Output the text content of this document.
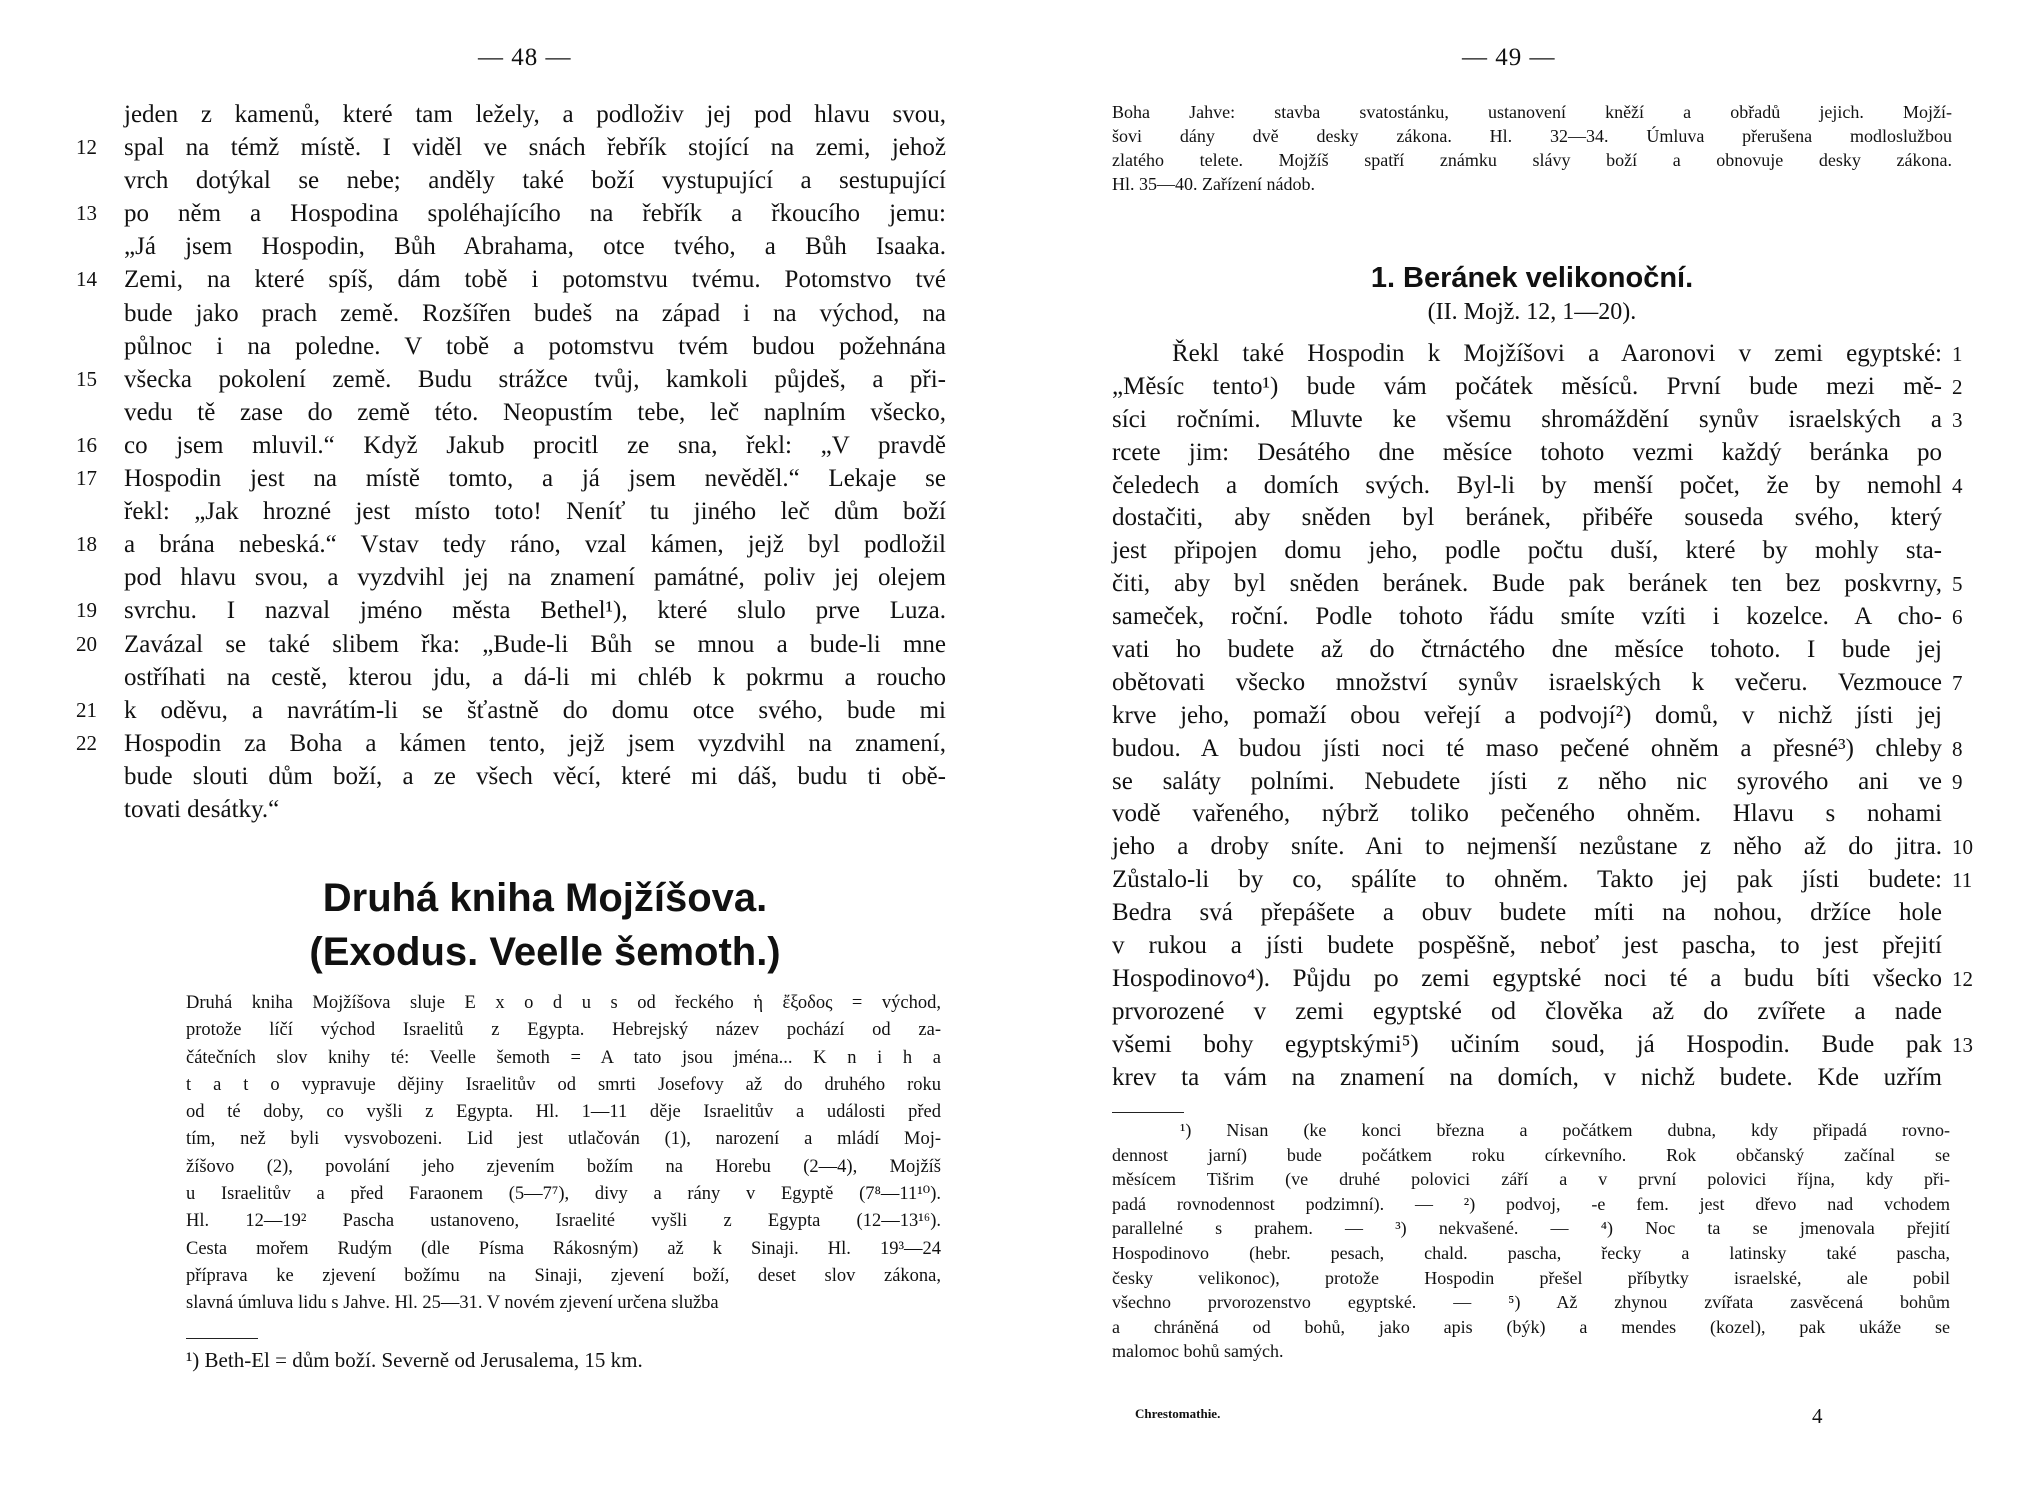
— 48 —
jeden z kamenů, které tam ležely, a podloživ jej pod hlavu svou,
12	spal na témž místě. I viděl ve snách řebřík stojící na zemi, jehož
vrch dotýkal se nebe; anděly také boží vystupující a sestupující
13	po něm a Hospodina spoléhajícího na řebřík a řkoucího jemu:
„Já jsem Hospodin, Bůh Abrahama, otce tvého, a Bůh Isaaka.
14	Zemi, na které spíš, dám tobě i potomstvu tvému. Potomstvo tvé
bude jako prach země. Rozšířen budeš na západ i na východ, na
půlnoc i na poledne. V tobě a potomstvu tvém budou požehnána
15	všecka pokolení země. Budu strážce tvůj, kamkoli půjdeš, a při-
vedu tě zase do země této. Neopustím tebe, leč naplním všecko,
16	co jsem mluvil.“ Když Jakub procitl ze sna, řekl: „V pravdě
17	Hospodin jest na místě tomto, a já jsem nevěděl.“ Lekaje se
řekl: „Jak hrozné jest místo toto! Neníť tu jiného leč dům boží
18	a brána nebeská.“ Vstav tedy ráno, vzal kámen, jejž byl podložil
pod hlavu svou, a vyzdvihl jej na znamení památné, poliv jej olejem
19	svrchu. I nazval jméno města Bethel¹), které slulo prve Luza.
20	Zavázal se také slibem řka: „Bude-li Bůh se mnou a bude-li mne
ostříhati na cestě, kterou jdu, a dá-li mi chléb k pokrmu a roucho
21	k oděvu, a navrátím-li se šťastně do domu otce svého, bude mi
22	Hospodin za Boha a kámen tento, jejž jsem vyzdvihl na znamení,
bude slouti dům boží, a ze všech věcí, které mi dáš, budu ti obě-
tovati desátky.“
Druhá kniha Mojžíšova.
(Exodus. Veelle šemoth.)
Druhá kniha Mojžíšova sluje E x o d u s od řeckého ἡ ἔξοδος = východ,
protože líčí východ Israelitů z Egypta. Hebrejský název pochází od za-
čátečních slov knihy té: Veelle šemoth = A tato jsou jména... K n i h a
t a t o vypravuje dějiny Israelitův od smrti Josefovy až do druhého roku
od té doby, co vyšli z Egypta. Hl. 1—11 děje Israelitův a události před
tím, než byli vysvobozeni. Lid jest utlačován (1), narození a mládí Moj-
žíšovo (2), povolání jeho zjevením božím na Horebu (2—4), Mojžíš
u Israelitův a před Faraonem (5—7⁷), divy a rány v Egyptě (7⁸—11¹⁰).
Hl. 12—19² Pascha ustanoveno, Israelité vyšli z Egypta (12—13¹⁶).
Cesta mořem Rudým (dle Písma Rákosným) až k Sinaji. Hl. 19³—24
příprava ke zjevení božímu na Sinaji, zjevení boží, deset slov zákona,
slavná úmluva lidu s Jahve. Hl. 25—31. V novém zjevení určena služba
¹) Beth-El = dům boží. Severně od Jerusalema, 15 km.
— 49 —
Boha Jahve: stavba svatostánku, ustanovení kněží a obřadů jejich. Mojží-
šovi dány dvě desky zákona. Hl. 32—34. Úmluva přerušena modloslužbou
zlatého telete. Mojžíš spatří známku slávy boží a obnovuje desky zákona.
Hl. 35—40. Zařízení nádob.
1. Beránek velikonoční.
(II. Mojž. 12, 1—20).
Řekl také Hospodin k Mojžíšovi a Aaronovi v zemi egyptské: 1
„Měsíc tento¹) bude vám počátek měsíců. První bude mezi mě- 2
síci ročními. Mluvte ke všemu shromáždění synův israelských a 3
rcete jim: Desátého dne měsíce tohoto vezmi každý beránka po
čeledech a domích svých. Byl-li by menší počet, že by nemohl 4
dostačiti, aby sněden byl beránek, přibéře souseda svého, který
jest připojen domu jeho, podle počtu duší, které by mohly sta-
čiti, aby byl sněden beránek. Bude pak beránek ten bez poskvrny, 5
sameček, roční. Podle tohoto řádu smíte vzíti i kozelce. A cho- 6
vati ho budete až do čtrnáctého dne měsíce tohoto. I bude jej
obětovati všecko množství synův israelských k večeru. Vezmouce 7
krve jeho, pomaží obou veřejí a podvojí²) domů, v nichž jísti jej
budou. A budou jísti noci té maso pečené ohněm a přesné³) chleby 8
se saláty polními. Nebudete jísti z něho nic syrového ani ve 9
vodě vařeného, nýbrž toliko pečeného ohněm. Hlavu s nohami
jeho a droby sníte. Ani to nejmenší nezůstane z něho až do jitra. 10
Zůstalo-li by co, spálíte to ohněm. Takto jej pak jísti budete: 11
Bedra svá přepášete a obuv budete míti na nohou, držíce hole
v rukou a jísti budete pospěšně, neboť jest pascha, to jest přejití
Hospodinovo⁴). Půjdu po zemi egyptské noci té a budu bíti všecko 12
prvorozené v zemi egyptské od člověka až do zvířete a nade
všemi bohy egyptskými⁵) učiním soud, já Hospodin. Bude pak 13
krev ta vám na znamení na domích, v nichž budete. Kde uzřím
¹) Nisan (ke konci března a počátkem dubna, kdy připadá rovno-
dennost jarní) bude počátkem roku církevního. Rok občanský začínal se
měsícem Tišrim (ve druhé polovici září a v první polovici října, kdy při-
padá rovnodennost podzimní). — ²) podvoj, -e fem. jest dřevo nad vchodem
parallelné s prahem. — ³) nekvašené. — ⁴) Noc ta se jmenovala přejití
Hospodinovo (hebr. pesach, chald. pascha, řecky a latinsky také pascha,
česky velikonoc), protože Hospodin přešel příbytky israelské, ale pobil
všechno prvorozenstvo egyptské. — ⁵) Až zhynou zvířata zasvěcená bohům
a chráněná od bohů, jako apis (býk) a mendes (kozel), pak ukáže se
malomoc bohů samých.
Chrestomathie.	4
